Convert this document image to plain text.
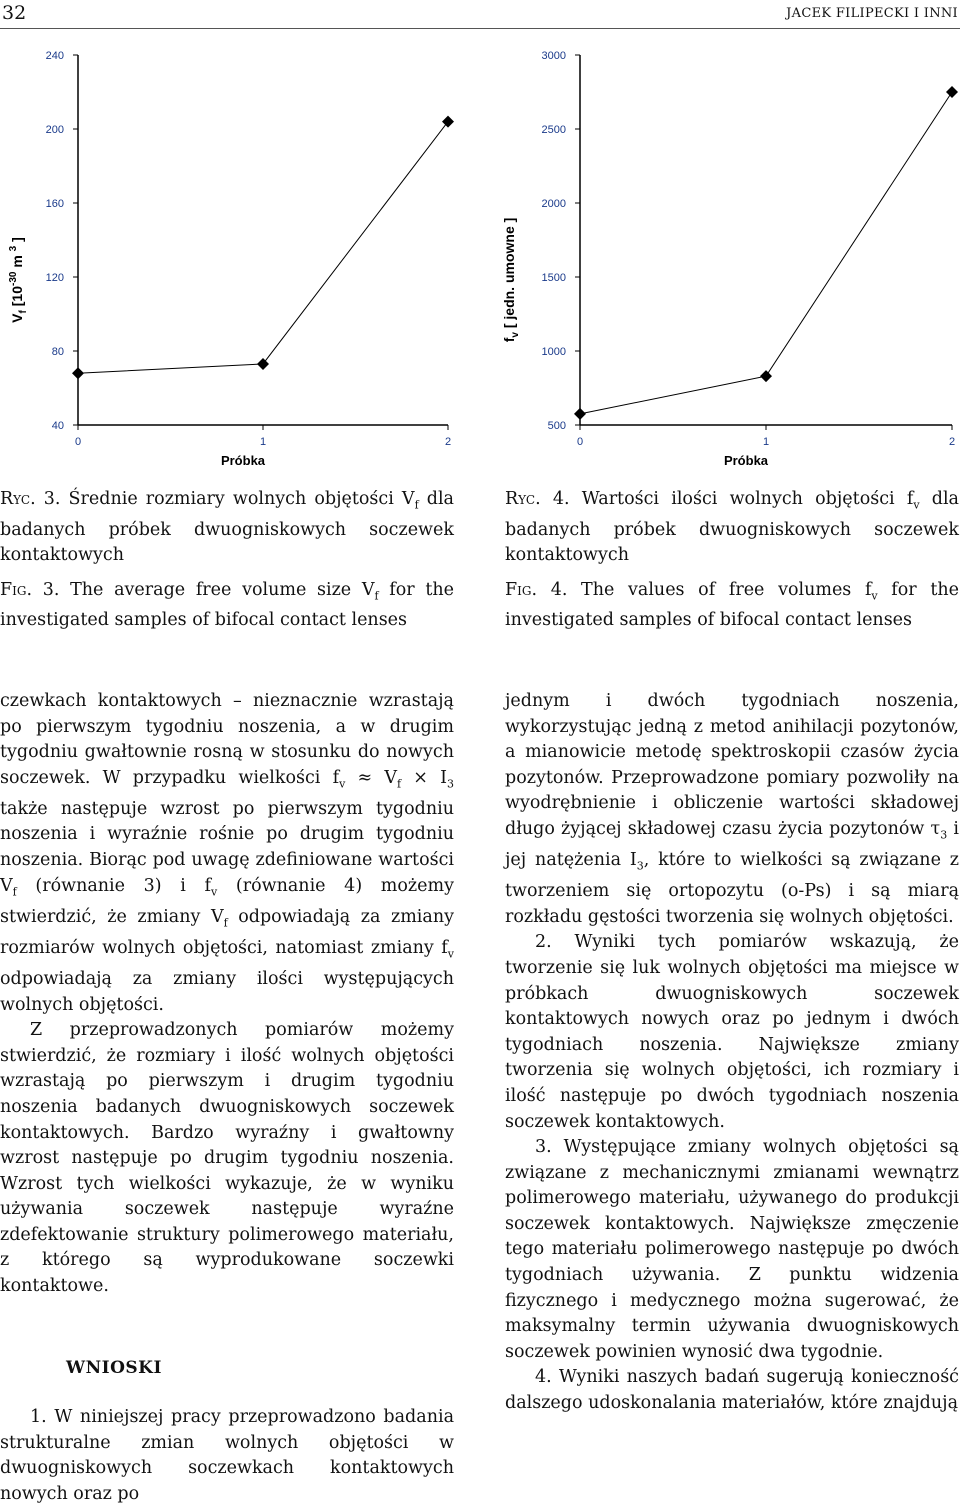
32	JACEK FILIPECKI I INNI
$V_f$ [$10^{-30}$ m $^3$ ]
40
80
120
160
200
240
0	1	2
Próbka
$f_v$ [ jedn. umowne ]
500
1000
1500
2000
2500
3000
0	1	2
Próbka

Ryc. 3. Średnie rozmiary wolnych objętości $V_f$ dla badanych próbek dwuogniskowych soczewek kontaktowych

Fig. 3. The average free volume size $V_f$ for the investigated samples of bifocal contact lenses

Ryc. 4. Wartości ilości wolnych objętości $f_v$ dla badanych próbek dwuogniskowych soczewek kontaktowych

Fig. 4. The values of free volumes $f_v$ for the investigated samples of bifocal contact lenses

czewkach kontaktowych – nieznacznie wzrastają po pierwszym tygodniu noszenia, a w drugim tygodniu gwałtownie rosną w stosunku do nowych soczewek. W przypadku wielkości $f_v \approx V_f \times I_3$ także następuje wzrost po pierwszym tygodniu noszenia i wyraźnie rośnie po drugim tygodniu noszenia. Biorąc pod uwagę zdefiniowane wartości $V_f$ (równanie 3) i $f_v$ (równanie 4) możemy stwierdzić, że zmiany $V_f$ odpowiadają za zmiany rozmiarów wolnych objętości, natomiast zmiany $f_v$ odpowiadają za zmiany ilości występujących wolnych objętości.

Z przeprowadzonych pomiarów możemy stwierdzić, że rozmiary i ilość wolnych objętości wzrastają po pierwszym i drugim tygodniu noszenia badanych dwuogniskowych soczewek kontaktowych. Bardzo wyraźny i gwałtowny wzrost następuje po drugim tygodniu noszenia. Wzrost tych wielkości wykazuje, że w wyniku używania soczewek następuje wyraźne zdefektowanie struktury polimerowego materiału, z którego są wyprodukowane soczewki kontaktowe.

WNIOSKI

1. W niniejszej pracy przeprowadzono badania strukturalne zmian wolnych objętości w dwuogniskowych soczewkach kontaktowych nowych oraz po

jednym i dwóch tygodniach noszenia, wykorzystując jedną z metod anihilacji pozytonów, a mianowicie metodę spektroskopii czasów życia pozytonów. Przeprowadzone pomiary pozwoliły na wyodrębnienie i obliczenie wartości składowej długo żyjącej składowej czasu życia pozytonów $\tau_3$ i jej natężenia $I_3$, które to wielkości są związane z tworzeniem się ortopozytu (o-Ps) i są miarą rozkładu gęstości tworzenia się wolnych objętości.

2. Wyniki tych pomiarów wskazują, że tworzenie się luk wolnych objętości ma miejsce w próbkach dwuogniskowych soczewek kontaktowych nowych oraz po jednym i dwóch tygodniach noszenia. Największe zmiany tworzenia się wolnych objętości, ich rozmiary i ilość następuje po dwóch tygodniach noszenia soczewek kontaktowych.

3. Występujące zmiany wolnych objętości są związane z mechanicznymi zmianami wewnątrz polimerowego materiału, używanego do produkcji soczewek kontaktowych. Największe zmęczenie tego materiału polimerowego następuje po dwóch tygodniach używania. Z punktu widzenia fizycznego i medycznego można sugerować, że maksymalny termin używania dwuogniskowych soczewek powinien wynosić dwa tygodnie.

4. Wyniki naszych badań sugerują konieczność dalszego udoskonalania materiałów, które znajdują
